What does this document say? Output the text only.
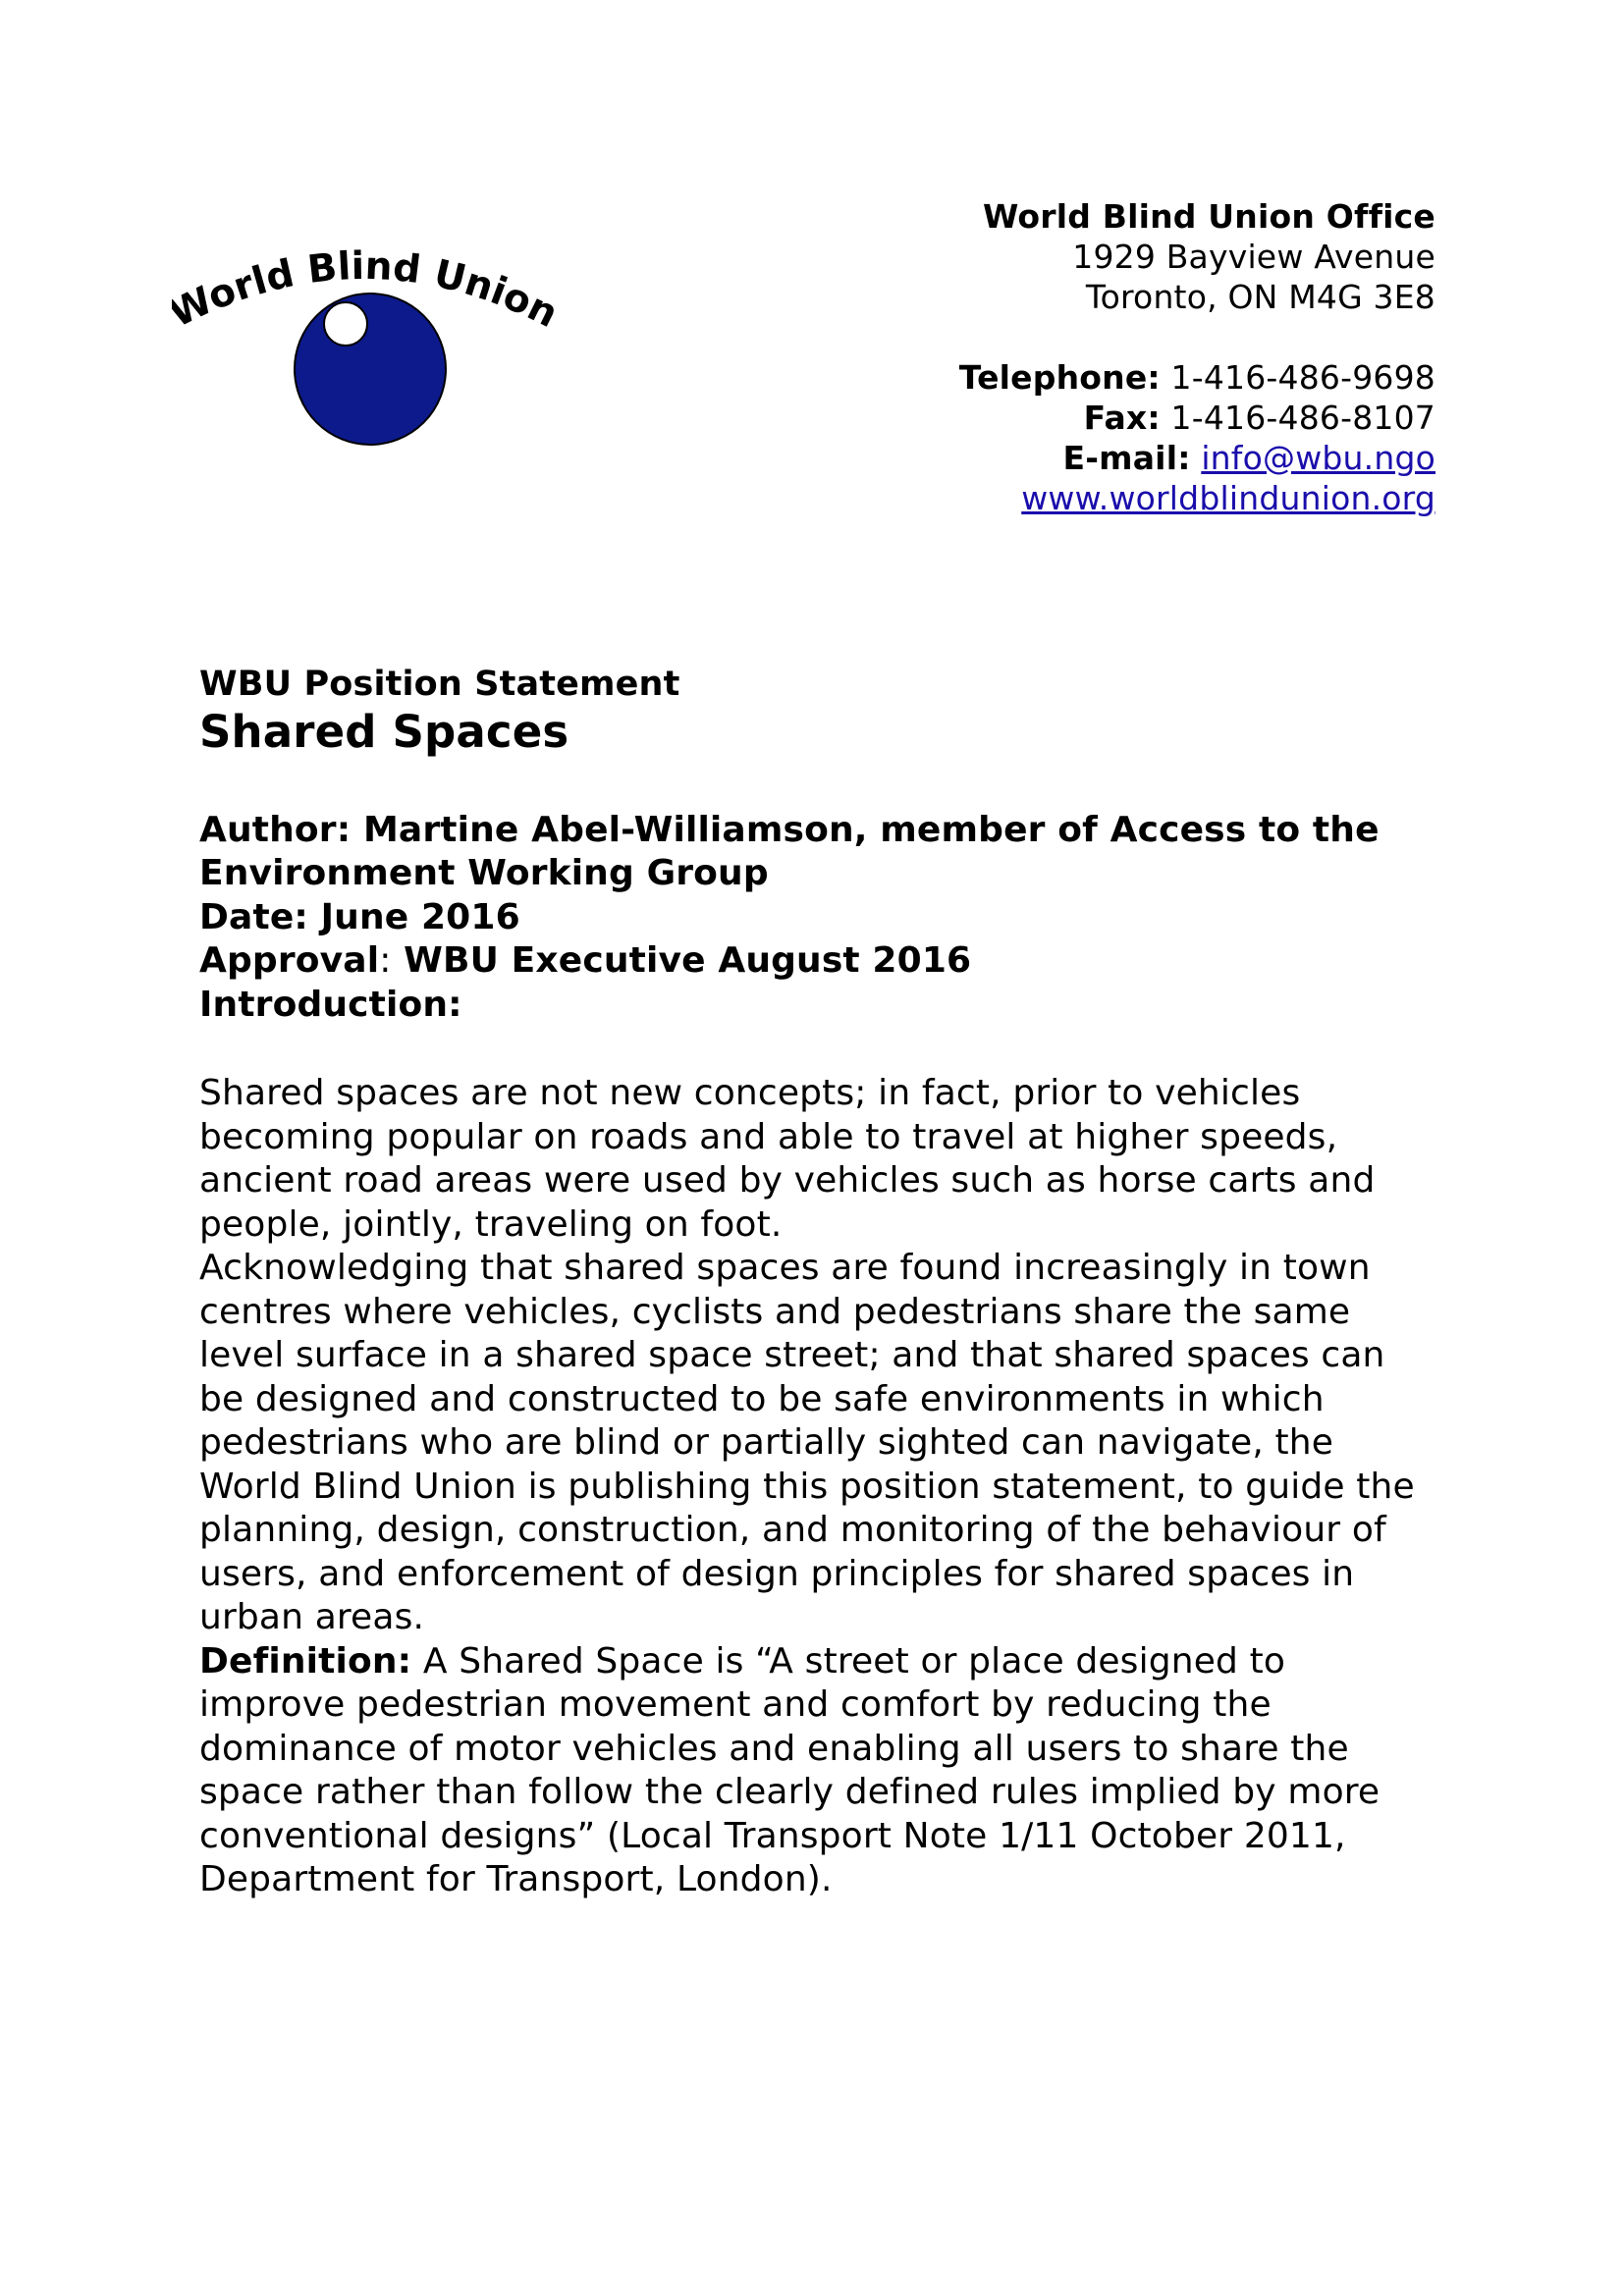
orld Blind Union
World Blind Union Office
1929 Bayview Avenue
Toronto, ON M4G 3E8
Telephone: 1-416-486-9698
Fax: 1-416-486-8107
E-mail: info@wbu.ngo
www.worldblindunion.org

WBU Position Statement

Shared Spaces

Author: Martine Abel-Williamson, member of Access to the
Environment Working Group

Date: June 2016

Approval: WBU Executive August 2016

Introduction:

Shared spaces are not new concepts; in fact, prior to vehicles becoming popular on roads and able to travel at higher speeds, ancient road areas were used by vehicles such as horse carts and people, jointly, traveling on foot.

Acknowledging that shared spaces are found increasingly in town centres where vehicles, cyclists and pedestrians share the same level surface in a shared space street; and that shared spaces can be designed and constructed to be safe environments in which pedestrians who are blind or partially sighted can navigate, the World Blind Union is publishing this position statement, to guide the planning, design, construction, and monitoring of the behaviour of users, and enforcement of design principles for shared spaces in urban areas.

Definition: A Shared Space is “A street or place designed to improve pedestrian movement and comfort by reducing the dominance of motor vehicles and enabling all users to share the space rather than follow the clearly defined rules implied by more conventional designs” (Local Transport Note 1/11 October 2011, Department for Transport, London).
